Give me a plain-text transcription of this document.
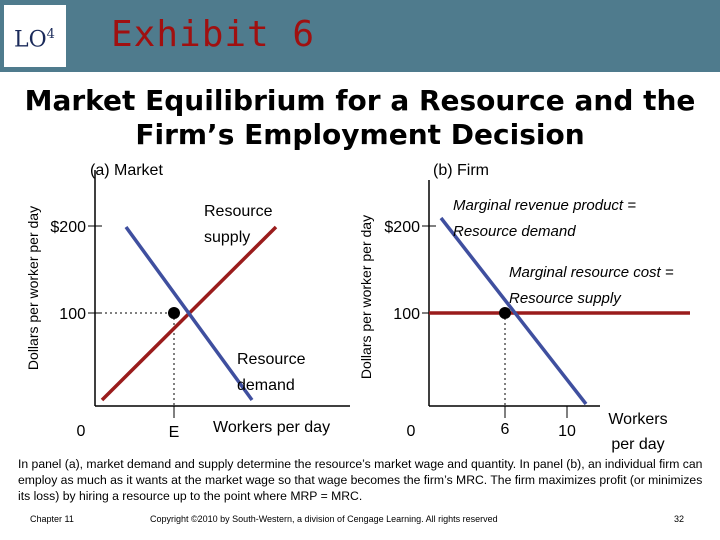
$LO^4$ Exhibit 6
Market Equilibrium for a Resource and the
Firm’s Employment Decision
(a) Market
Dollars per worker per day $200
100
0	E
Resource
supply
Resource
demand
Workers per day
(b) Firm
Dollars per worker per day $200
100
0	6	10
Marginal revenue product =
Resource demand
Marginal resource cost =
Resource supply
Workers
per day
In panel (a), market demand and supply determine the resource’s market wage and quantity. In panel (b), an individual firm can employ as much as it wants at the market wage so that wage becomes the firm’s MRC. The firm maximizes profit (or minimizes its loss) by hiring a resource up to the point where MRP = MRC.
Chapter 11	Copyright ©2010 by South-Western, a division of Cengage Learning. All rights reserved	32
